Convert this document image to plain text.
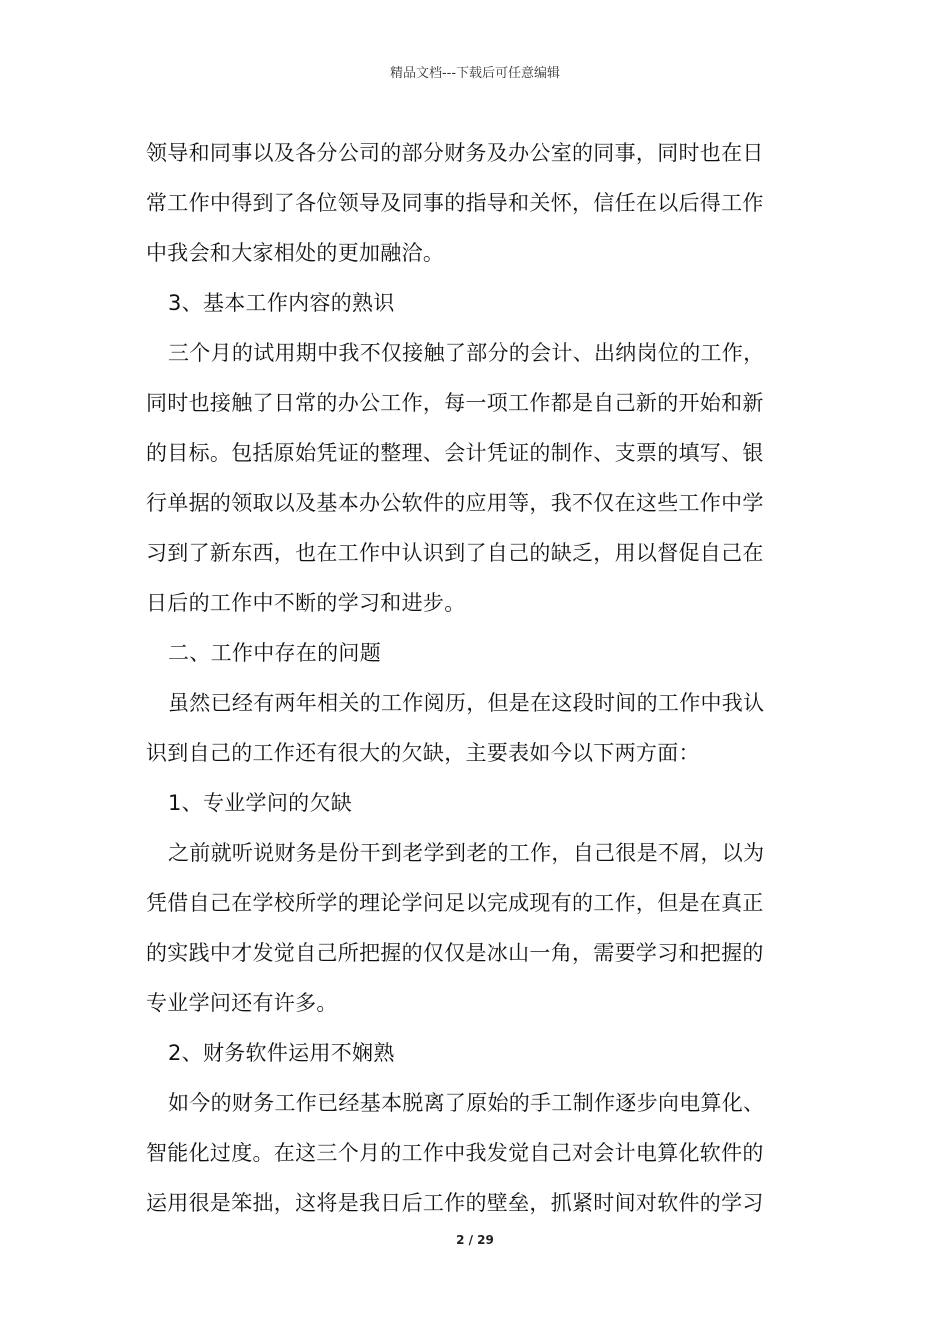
精品文档---下载后可任意编辑
领导和同事以及各分公司的部分财务及办公室的同事，同时也在日
常工作中得到了各位领导及同事的指导和关怀，信任在以后得工作
中我会和大家相处的更加融洽。
3、基本工作内容的熟识
三个月的试用期中我不仅接触了部分的会计、出纳岗位的工作，
同时也接触了日常的办公工作，每一项工作都是自己新的开始和新
的目标。包括原始凭证的整理、会计凭证的制作、支票的填写、银
行单据的领取以及基本办公软件的应用等，我不仅在这些工作中学
习到了新东西，也在工作中认识到了自己的缺乏，用以督促自己在
日后的工作中不断的学习和进步。
二、工作中存在的问题
虽然已经有两年相关的工作阅历，但是在这段时间的工作中我认
识到自己的工作还有很大的欠缺，主要表如今以下两方面：
1、专业学问的欠缺
之前就听说财务是份干到老学到老的工作，自己很是不屑，以为
凭借自己在学校所学的理论学问足以完成现有的工作，但是在真正
的实践中才发觉自己所把握的仅仅是冰山一角，需要学习和把握的
专业学问还有许多。
2、财务软件运用不娴熟
如今的财务工作已经基本脱离了原始的手工制作逐步向电算化、
智能化过度。在这三个月的工作中我发觉自己对会计电算化软件的
运用很是笨拙，这将是我日后工作的壁垒，抓紧时间对软件的学习
2 / 29
